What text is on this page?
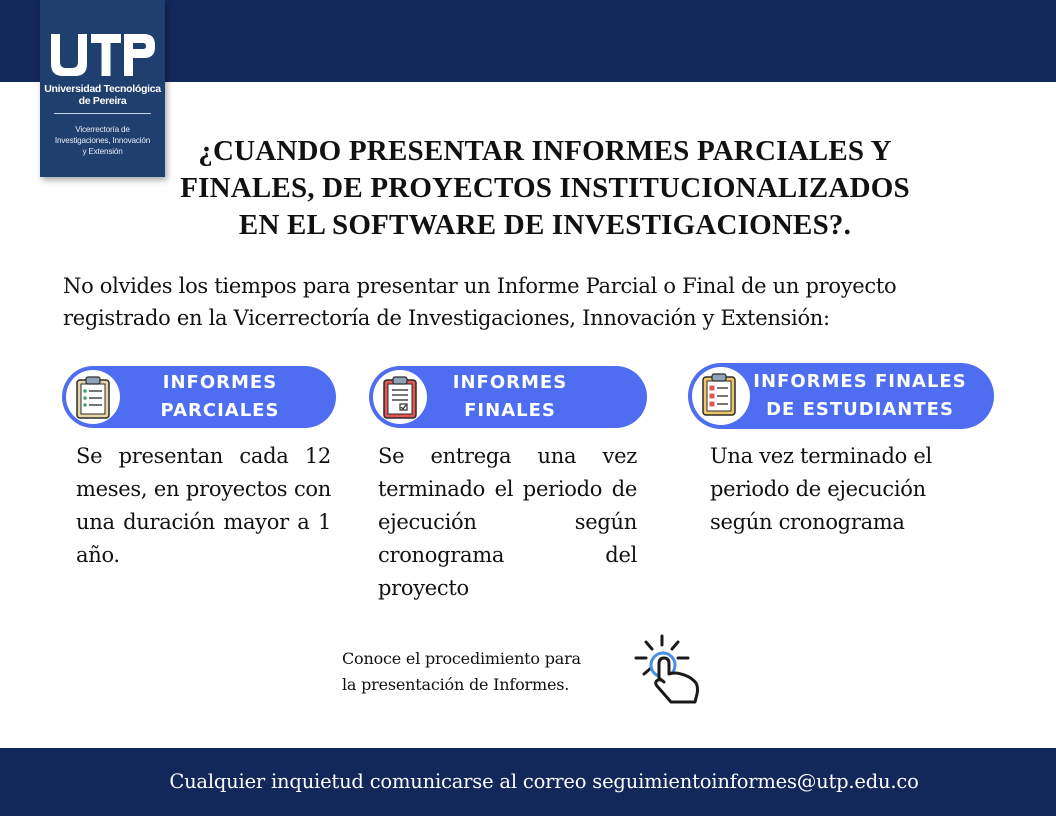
Universidad Tecnológica
de Pereira
Vicerrectoría de
Investigaciones, Innovación
y Extensión	¿CUANDO PRESENTAR INFORMES PARCIALES Y
FINALES, DE PROYECTOS INSTITUCIONALIZADOS
EN EL SOFTWARE DE INVESTIGACIONES?.

No olvides los tiempos para presentar un Informe Parcial o Final de un proyecto
registrado en la Vicerrectoría de Investigaciones, Innovación y Extensión:

INFORMES
PARCIALES
Se presentan cada 12 meses, en proyectos con una duración mayor a 1 año.
INFORMES
FINALES
Se entrega una vez terminado el periodo de ejecución según cronograma del proyecto
INFORMES FINALES
DE ESTUDIANTES
Una vez terminado el periodo de ejecución según cronograma
Conoce el procedimiento para
la presentación de Informes.
Cualquier inquietud comunicarse al correo seguimientoinformes@utp.edu.co
